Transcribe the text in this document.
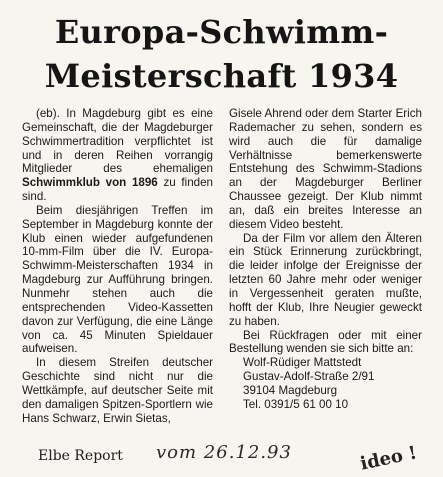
Europa-Schwimm-
Meisterschaft 1934

(eb). In Magdeburg gibt es eine Gemeinschaft, die der Magdeburger Schwimmertradition verpflichtet ist und in deren Reihen vorrangig Mitglieder des ehemaligen Schwimmklub von 1896 zu finden sind.

Beim diesjährigen Treffen im September in Magdeburg konnte der Klub einen wieder aufgefundenen 10-mm-Film über die IV. Europa-Schwimm-Meisterschaften 1934 in Magdeburg zur Aufführung bringen. Nunmehr stehen auch die entsprechenden Video-Kassetten davon zur Verfügung, die eine Länge von ca. 45 Minuten Spieldauer aufweisen.

In diesem Streifen deutscher Geschichte sind nicht nur die Wettkämpfe, auf deutscher Seite mit den damaligen Spitzen-Sportlern wie Hans Schwarz, Erwin Sietas,

Gisele Ahrend oder dem Starter Erich Rademacher zu sehen, sondern es wird auch die für damalige Verhältnisse bemerkenswerte Entstehung des Schwimm-Stadions an der Magdeburger Berliner Chaussee gezeigt. Der Klub nimmt an, daß ein breites Interesse an diesem Video besteht.

Da der Film vor allem den Älteren ein Stück Erinnerung zurückbringt, die leider infolge der Ereignisse der letzten 60 Jahre mehr oder weniger in Vergessenheit geraten mußte, hofft der Klub, Ihre Neugier geweckt zu haben.

Bei Rückfragen oder mit einer Bestellung wenden sie sich bitte an:

Wolf-Rüdiger Mattstedt
Gustav-Adolf-Straße 2/91
39104 Magdeburg
Tel. 0391/5 61 00 10
Elbe Report vom 26.12.93	ideo !
